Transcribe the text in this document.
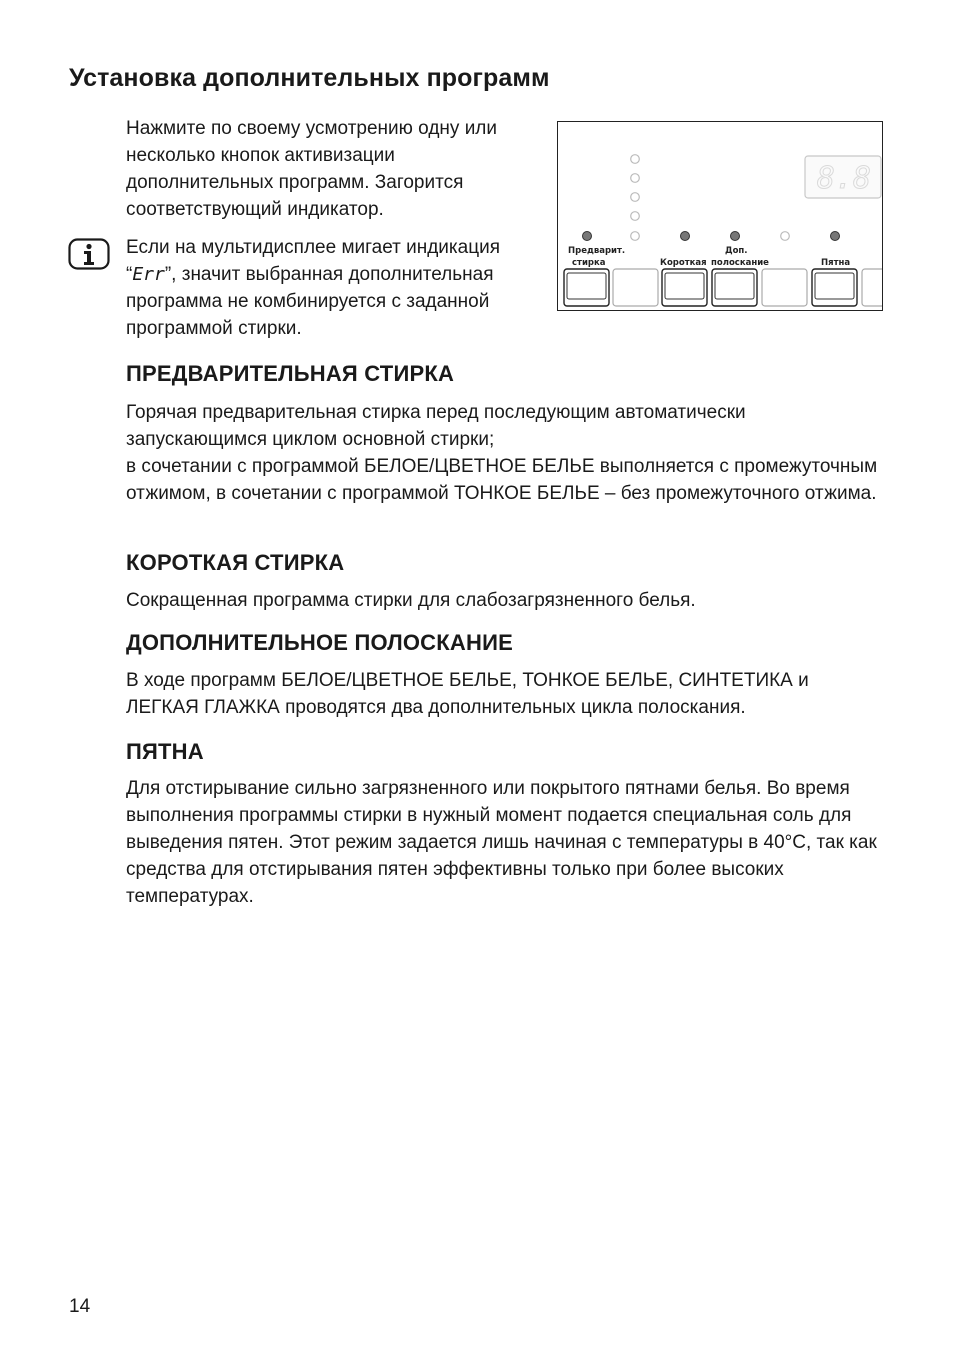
Установка дополнительных программ

Нажмите по своему усмотрению одну или несколько кнопок активизации дополнительных программ. Загорится соответствующий индикатор.

Если на мультидисплее мигает индикация “Err”, значит выбранная дополнительная программа не комбинируется с заданной программой стирки.

8.8
Предварит.
стирка	Короткая
Доп.
полоскание	Пятна
ПРЕДВАРИТЕЛЬНАЯ СТИРКА

Горячая предварительная стирка перед последующим автоматически запускающимся циклом основной стирки;

в сочетании с программой БЕЛОЕ/ЦВЕТНОЕ БЕЛЬЕ выполняется с промежуточным отжимом, в сочетании с программой ТОНКОЕ БЕЛЬЕ – без промежуточного отжима.

КОРОТКАЯ СТИРКА

Сокращенная программа стирки для слабозагрязненного белья.

ДОПОЛНИТЕЛЬНОЕ ПОЛОСКАНИЕ

В ходе программ БЕЛОЕ/ЦВЕТНОЕ БЕЛЬЕ, ТОНКОЕ БЕЛЬЕ, СИНТЕТИКА и ЛЕГКАЯ ГЛАЖКА проводятся два дополнительных цикла полоскания.

ПЯТНА

Для отстирывание сильно загрязненного или покрытого пятнами белья. Во время выполнения программы стирки в нужный момент подается специальная соль для выведения пятен. Этот режим задается лишь начиная с температуры в 40°C, так как средства для отстирывания пятен эффективны только при более высоких температурах.

14
